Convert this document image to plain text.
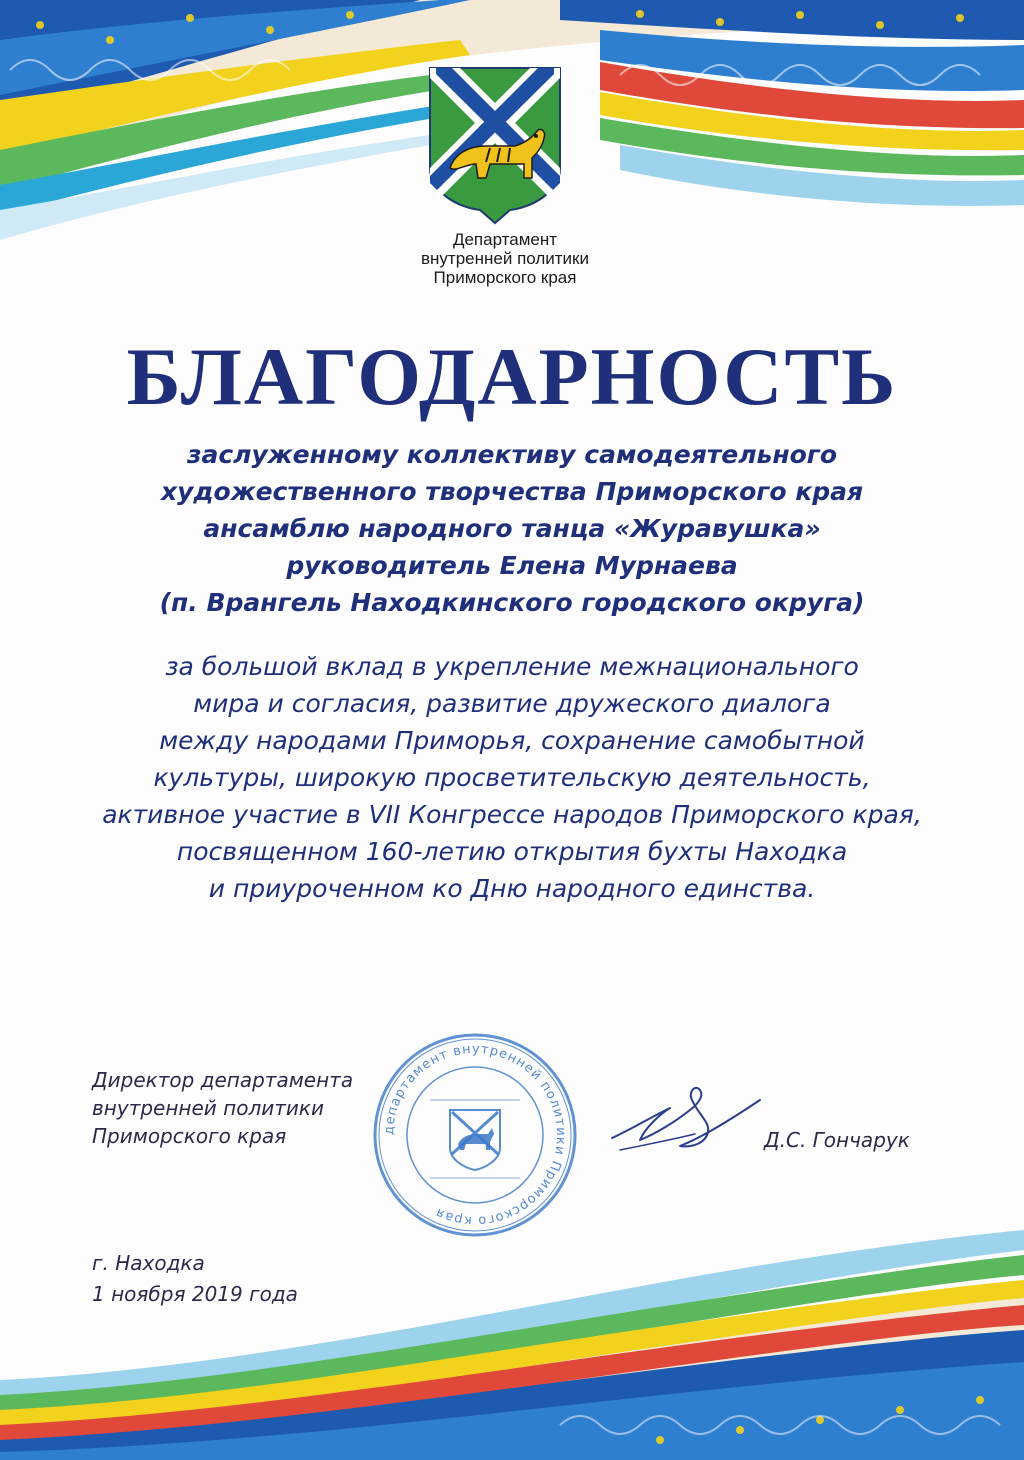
Департамент
внутренней политики
Приморского края
БЛАГОДАРНОСТЬ
заслуженному коллективу самодеятельного
художественного творчества Приморского края
ансамблю народного танца «Журавушка»
руководитель Елена Мурнаева
(п. Врангель Находкинского городского округа)
за большой вклад в укрепление межнационального
мира и согласия, развитие дружеского диалога
между народами Приморья, сохранение самобытной
культуры, широкую просветительскую деятельность,
активное участие в VII Конгрессе народов Приморского края,
посвященном 160-летию открытия бухты Находка
и приуроченном ко Дню народного единства.
Директор департамента
внутренней политики
Приморского края	департамент внутренней политики Приморского края
Д.С. Гончарук
г. Находка
1 ноября 2019 года
